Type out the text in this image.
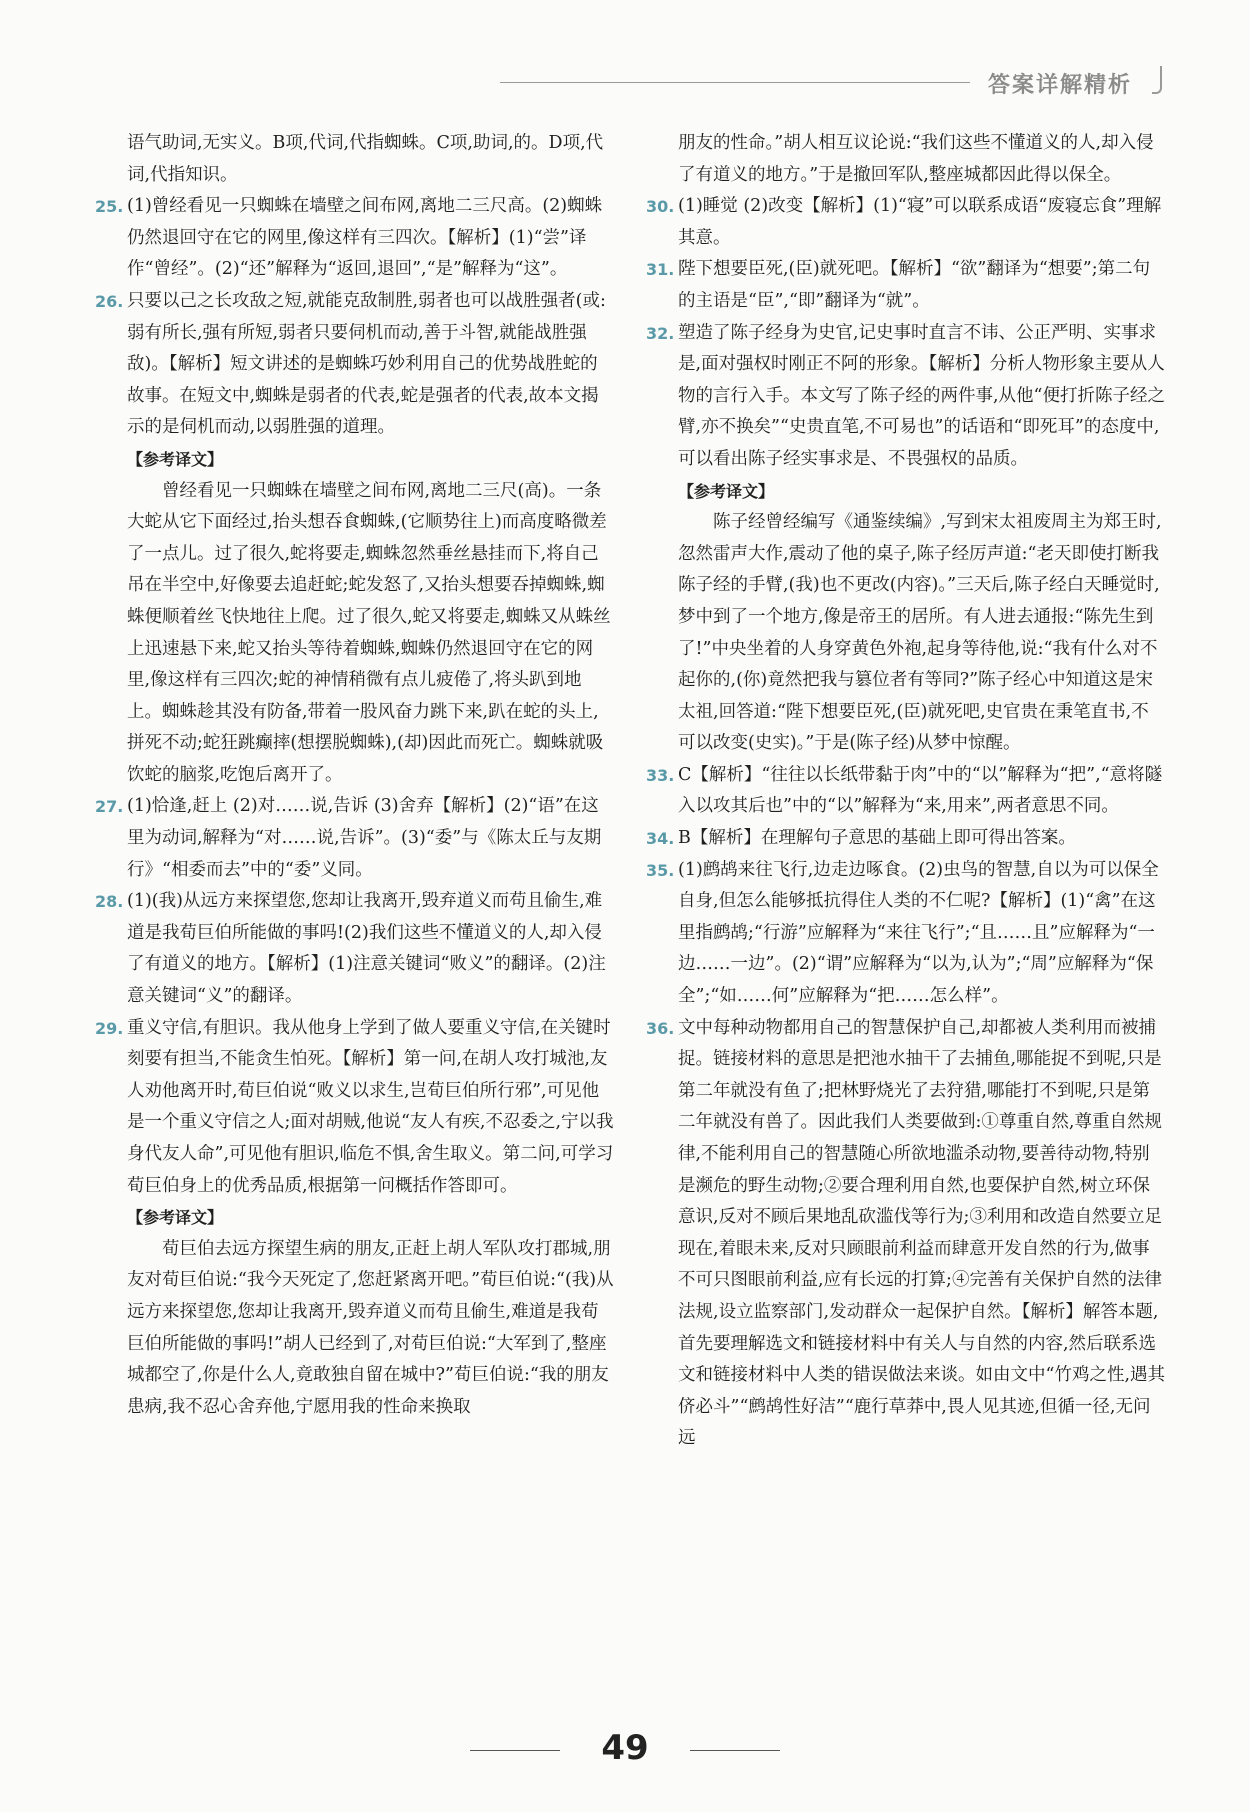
答案详解精析

语气助词,无实义。B项,代词,代指蜘蛛。C项,助词,的。D项,代词,代指知识。

25. (1)曾经看见一只蜘蛛在墙壁之间布网,离地二三尺高。(2)蜘蛛仍然退回守在它的网里,像这样有三四次。【解析】(1)“尝”译作“曾经”。(2)“还”解释为“返回,退回”,“是”解释为“这”。

26. 只要以己之长攻敌之短,就能克敌制胜,弱者也可以战胜强者(或:弱有所长,强有所短,弱者只要伺机而动,善于斗智,就能战胜强敌)。【解析】短文讲述的是蜘蛛巧妙利用自己的优势战胜蛇的故事。在短文中,蜘蛛是弱者的代表,蛇是强者的代表,故本文揭示的是伺机而动,以弱胜强的道理。

【参考译文】

曾经看见一只蜘蛛在墙壁之间布网,离地二三尺(高)。一条大蛇从它下面经过,抬头想吞食蜘蛛,(它顺势往上)而高度略微差了一点儿。过了很久,蛇将要走,蜘蛛忽然垂丝悬挂而下,将自己吊在半空中,好像要去追赶蛇;蛇发怒了,又抬头想要吞掉蜘蛛,蜘蛛便顺着丝飞快地往上爬。过了很久,蛇又将要走,蜘蛛又从蛛丝上迅速悬下来,蛇又抬头等待着蜘蛛,蜘蛛仍然退回守在它的网里,像这样有三四次;蛇的神情稍微有点儿疲倦了,将头趴到地上。蜘蛛趁其没有防备,带着一股风奋力跳下来,趴在蛇的头上,拼死不动;蛇狂跳癫摔(想摆脱蜘蛛),(却)因此而死亡。蜘蛛就吸饮蛇的脑浆,吃饱后离开了。

27. (1)恰逢,赶上 (2)对……说,告诉 (3)舍弃【解析】(2)“语”在这里为动词,解释为“对……说,告诉”。(3)“委”与《陈太丘与友期行》“相委而去”中的“委”义同。

28. (1)(我)从远方来探望您,您却让我离开,毁弃道义而苟且偷生,难道是我荀巨伯所能做的事吗!(2)我们这些不懂道义的人,却入侵了有道义的地方。【解析】(1)注意关键词“败义”的翻译。(2)注意关键词“义”的翻译。

29. 重义守信,有胆识。我从他身上学到了做人要重义守信,在关键时刻要有担当,不能贪生怕死。【解析】第一问,在胡人攻打城池,友人劝他离开时,荀巨伯说“败义以求生,岂荀巨伯所行邪”,可见他是一个重义守信之人;面对胡贼,他说“友人有疾,不忍委之,宁以我身代友人命”,可见他有胆识,临危不惧,舍生取义。第二问,可学习荀巨伯身上的优秀品质,根据第一问概括作答即可。

【参考译文】

荀巨伯去远方探望生病的朋友,正赶上胡人军队攻打郡城,朋友对荀巨伯说:“我今天死定了,您赶紧离开吧。”荀巨伯说:“(我)从远方来探望您,您却让我离开,毁弃道义而苟且偷生,难道是我荀巨伯所能做的事吗!”胡人已经到了,对荀巨伯说:“大军到了,整座城都空了,你是什么人,竟敢独自留在城中?”荀巨伯说:“我的朋友患病,我不忍心舍弃他,宁愿用我的性命来换取

朋友的性命。”胡人相互议论说:“我们这些不懂道义的人,却入侵了有道义的地方。”于是撤回军队,整座城都因此得以保全。

30. (1)睡觉 (2)改变【解析】(1)“寝”可以联系成语“废寝忘食”理解其意。

31. 陛下想要臣死,(臣)就死吧。【解析】“欲”翻译为“想要”;第二句的主语是“臣”,“即”翻译为“就”。

32. 塑造了陈子经身为史官,记史事时直言不讳、公正严明、实事求是,面对强权时刚正不阿的形象。【解析】分析人物形象主要从人物的言行入手。本文写了陈子经的两件事,从他“便打折陈子经之臂,亦不换矣”“史贵直笔,不可易也”的话语和“即死耳”的态度中,可以看出陈子经实事求是、不畏强权的品质。

【参考译文】

陈子经曾经编写《通鉴续编》,写到宋太祖废周主为郑王时,忽然雷声大作,震动了他的桌子,陈子经厉声道:“老天即使打断我陈子经的手臂,(我)也不更改(内容)。”三天后,陈子经白天睡觉时,梦中到了一个地方,像是帝王的居所。有人进去通报:“陈先生到了!”中央坐着的人身穿黄色外袍,起身等待他,说:“我有什么对不起你的,(你)竟然把我与篡位者有等同?”陈子经心中知道这是宋太祖,回答道:“陛下想要臣死,(臣)就死吧,史官贵在秉笔直书,不可以改变(史实)。”于是(陈子经)从梦中惊醒。

33. C【解析】“往往以长纸带黏于肉”中的“以”解释为“把”,“意将隧入以攻其后也”中的“以”解释为“来,用来”,两者意思不同。

34. B【解析】在理解句子意思的基础上即可得出答案。

35. (1)鹧鸪来往飞行,边走边啄食。(2)虫鸟的智慧,自以为可以保全自身,但怎么能够抵抗得住人类的不仁呢?【解析】(1)“禽”在这里指鹧鸪;“行游”应解释为“来往飞行”;“且……且”应解释为“一边……一边”。(2)“谓”应解释为“以为,认为”;“周”应解释为“保全”;“如……何”应解释为“把……怎么样”。

36. 文中每种动物都用自己的智慧保护自己,却都被人类利用而被捕捉。链接材料的意思是把池水抽干了去捕鱼,哪能捉不到呢,只是第二年就没有鱼了;把林野烧光了去狩猎,哪能打不到呢,只是第二年就没有兽了。因此我们人类要做到:①尊重自然,尊重自然规律,不能利用自己的智慧随心所欲地滥杀动物,要善待动物,特别是濒危的野生动物;②要合理利用自然,也要保护自然,树立环保意识,反对不顾后果地乱砍滥伐等行为;③利用和改造自然要立足现在,着眼未来,反对只顾眼前利益而肆意开发自然的行为,做事不可只图眼前利益,应有长远的打算;④完善有关保护自然的法律法规,设立监察部门,发动群众一起保护自然。【解析】解答本题,首先要理解选文和链接材料中有关人与自然的内容,然后联系选文和链接材料中人类的错误做法来谈。如由文中“竹鸡之性,遇其侪必斗”“鹧鸪性好洁”“鹿行草莽中,畏人见其迹,但循一径,无问远

49
